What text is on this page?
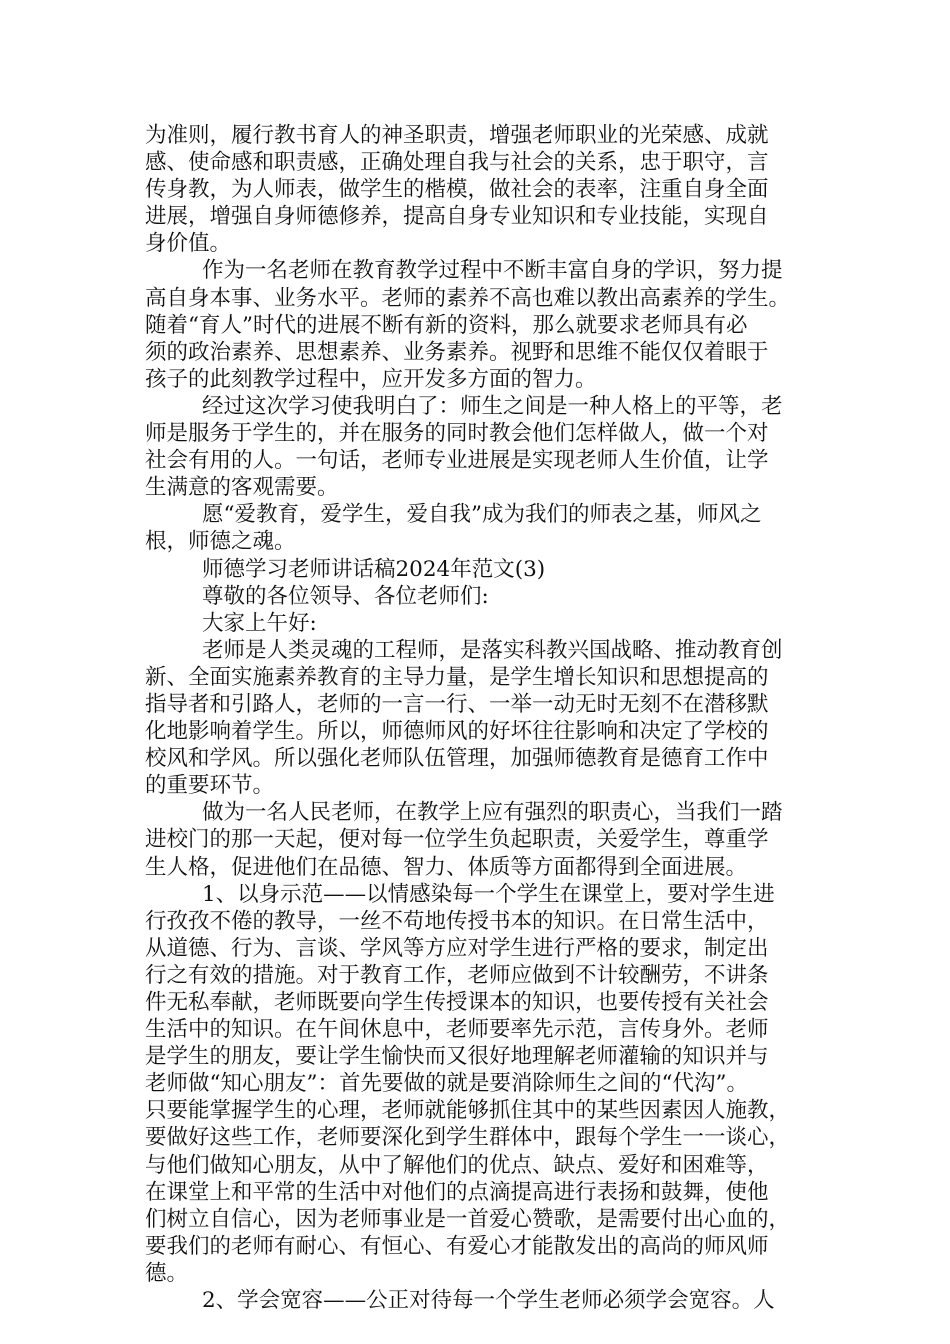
为准则，履行教书育人的神圣职责，增强老师职业的光荣感、成就
感、使命感和职责感，正确处理自我与社会的关系，忠于职守，言
传身教，为人师表，做学生的楷模，做社会的表率，注重自身全面
进展，增强自身师德修养，提高自身专业知识和专业技能，实现自
身价值。
作为一名老师在教育教学过程中不断丰富自身的学识，努力提
高自身本事、业务水平。老师的素养不高也难以教出高素养的学生。
随着“育人”时代的进展不断有新的资料，那么就要求老师具有必
须的政治素养、思想素养、业务素养。视野和思维不能仅仅着眼于
孩子的此刻教学过程中，应开发多方面的智力。
经过这次学习使我明白了：师生之间是一种人格上的平等，老
师是服务于学生的，并在服务的同时教会他们怎样做人，做一个对
社会有用的人。一句话，老师专业进展是实现老师人生价值，让学
生满意的客观需要。
愿“爱教育，爱学生，爱自我”成为我们的师表之基，师风之
根，师德之魂。
师德学习老师讲话稿2024年范文(3)
尊敬的各位领导、各位老师们:
大家上午好:
老师是人类灵魂的工程师，是落实科教兴国战略、推动教育创
新、全面实施素养教育的主导力量，是学生增长知识和思想提高的
指导者和引路人，老师的一言一行、一举一动无时无刻不在潜移默
化地影响着学生。所以，师德师风的好坏往往影响和决定了学校的
校风和学风。所以强化老师队伍管理，加强师德教育是德育工作中
的重要环节。
做为一名人民老师，在教学上应有强烈的职责心，当我们一踏
进校门的那一天起，便对每一位学生负起职责，关爱学生，尊重学
生人格，促进他们在品德、智力、体质等方面都得到全面进展。
1、以身示范——以情感染每一个学生在课堂上，要对学生进
行孜孜不倦的教导，一丝不苟地传授书本的知识。在日常生活中，
从道德、行为、言谈、学风等方应对学生进行严格的要求，制定出
行之有效的措施。对于教育工作，老师应做到不计较酬劳，不讲条
件无私奉献，老师既要向学生传授课本的知识，也要传授有关社会
生活中的知识。在午间休息中，老师要率先示范，言传身外。老师
是学生的朋友，要让学生愉快而又很好地理解老师灌输的知识并与
老师做“知心朋友”：首先要做的就是要消除师生之间的“代沟”。
只要能掌握学生的心理，老师就能够抓住其中的某些因素因人施教，
要做好这些工作，老师要深化到学生群体中，跟每个学生一一谈心，
与他们做知心朋友，从中了解他们的优点、缺点、爱好和困难等，
在课堂上和平常的生活中对他们的点滴提高进行表扬和鼓舞，使他
们树立自信心，因为老师事业是一首爱心赞歌，是需要付出心血的，
要我们的老师有耐心、有恒心、有爱心才能散发出的高尚的师风师
德。
2、学会宽容——公正对待每一个学生老师必须学会宽容。人
